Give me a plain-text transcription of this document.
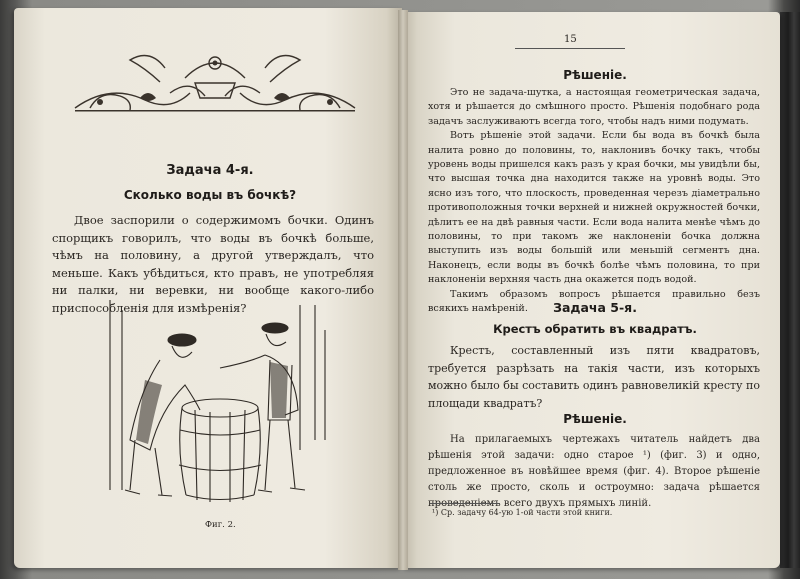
Задача 4-я.
Сколько воды въ бочкѣ?

Двое заспорили о содержимомъ бочки. Одинъ спорщикъ говорилъ, что воды въ бочкѣ больше, чѣмъ на половину, а другой утверждалъ, что меньше. Какъ убѣдиться, кто правъ, не употребляя ни палки, ни веревки, ни вообще какого-либо приспособленія для измѣренія?

Фиг. 2.
15
Рѣшеніе.

Это не задача-шутка, а настоящая геометрическая задача, хотя и рѣшается до смѣшного просто. Рѣшенія подобнаго рода задачъ заслуживаютъ всегда того, чтобы надъ ними подумать.

Вотъ рѣшеніе этой задачи. Если бы вода въ бочкѣ была налита ровно до половины, то, наклонивъ бочку такъ, чтобы уровень воды пришелся какъ разъ у края бочки, мы увидѣли бы, что высшая точка дна находится также на уровнѣ воды. Это ясно изъ того, что плоскость, проведенная черезъ діаметрально противоположныя точки верхней и нижней окружностей бочки, дѣлитъ ее на двѣ равныя части. Если вода налита менѣе чѣмъ до половины, то при такомъ же наклоненіи бочка должна выступить изъ воды большій или меньшій сегментъ дна. Наконецъ, если воды въ бочкѣ болѣе чѣмъ половина, то при наклоненіи верхняя часть дна окажется подъ водой.

Такимъ образомъ вопросъ рѣшается правильно безъ всякихъ намѣреній.	Задача 5-я.
Крестъ обратить въ квадратъ.

Крестъ, составленный изъ пяти квадратовъ, требуется разрѣзать на такія части, изъ которыхъ можно было бы составить одинъ равновеликій кресту по площади квадратъ?

Рѣшеніе.

На прилагаемыхъ чертежахъ читатель найдетъ два рѣшенія этой задачи: одно старое ¹) (фиг. 3) и одно, предложенное въ новѣйшее время (фиг. 4). Второе рѣшеніе столь же просто, сколь и остроумно: задача рѣшается проведеніемъ всего двухъ прямыхъ линій.

¹) Ср. задачу 64-ую 1-ой части этой книги.
